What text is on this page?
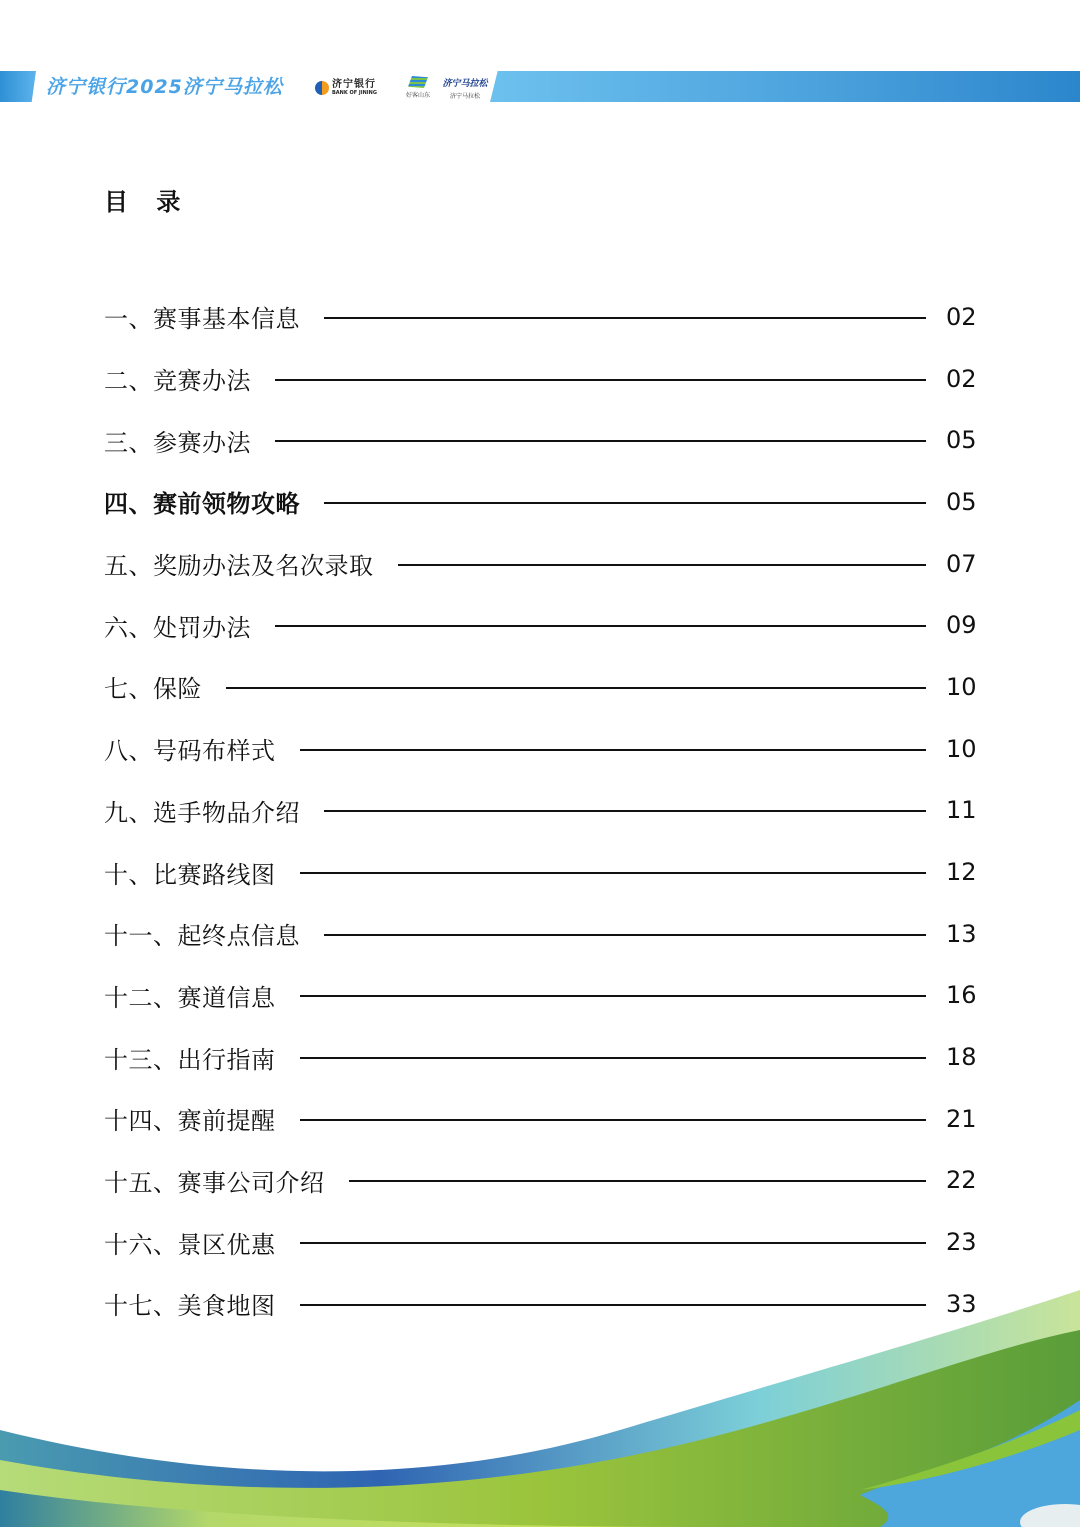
济宁银行2025济宁马拉松	济宁银行
BANK OF JINING	好客山东
济宁马拉松
济宁马拉松
目 录
一、赛事基本信息	02
二、竞赛办法	02
三、参赛办法	05
四、赛前领物攻略	05
五、奖励办法及名次录取	07
六、处罚办法	09
七、保险	10
八、号码布样式	10
九、选手物品介绍	11
十、比赛路线图	12
十一、起终点信息	13
十二、赛道信息	16
十三、出行指南	18
十四、赛前提醒	21
十五、赛事公司介绍	22
十六、景区优惠	23
十七、美食地图	33
